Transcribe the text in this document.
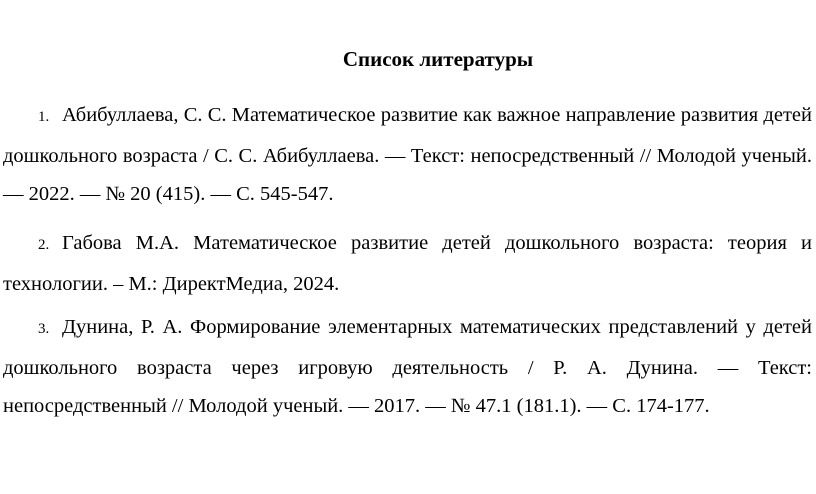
Список литературы

1. Абибуллаева, С. С. Математическое развитие как важное направление развития детей дошкольного возраста / С. С. Абибуллаева. — Текст: непосредственный // Молодой ученый. — 2022. — № 20 (415). — С. 545-547.

2. Габова М.А. Математическое развитие детей дошкольного возраста: теория и технологии. – М.: ДиректМедиа, 2024.

3. Дунина, Р. А. Формирование элементарных математических представлений у детей дошкольного возраста через игровую деятельность / Р. А. Дунина. — Текст: непосредственный // Молодой ученый. — 2017. — № 47.1 (181.1). — С. 174-177.
